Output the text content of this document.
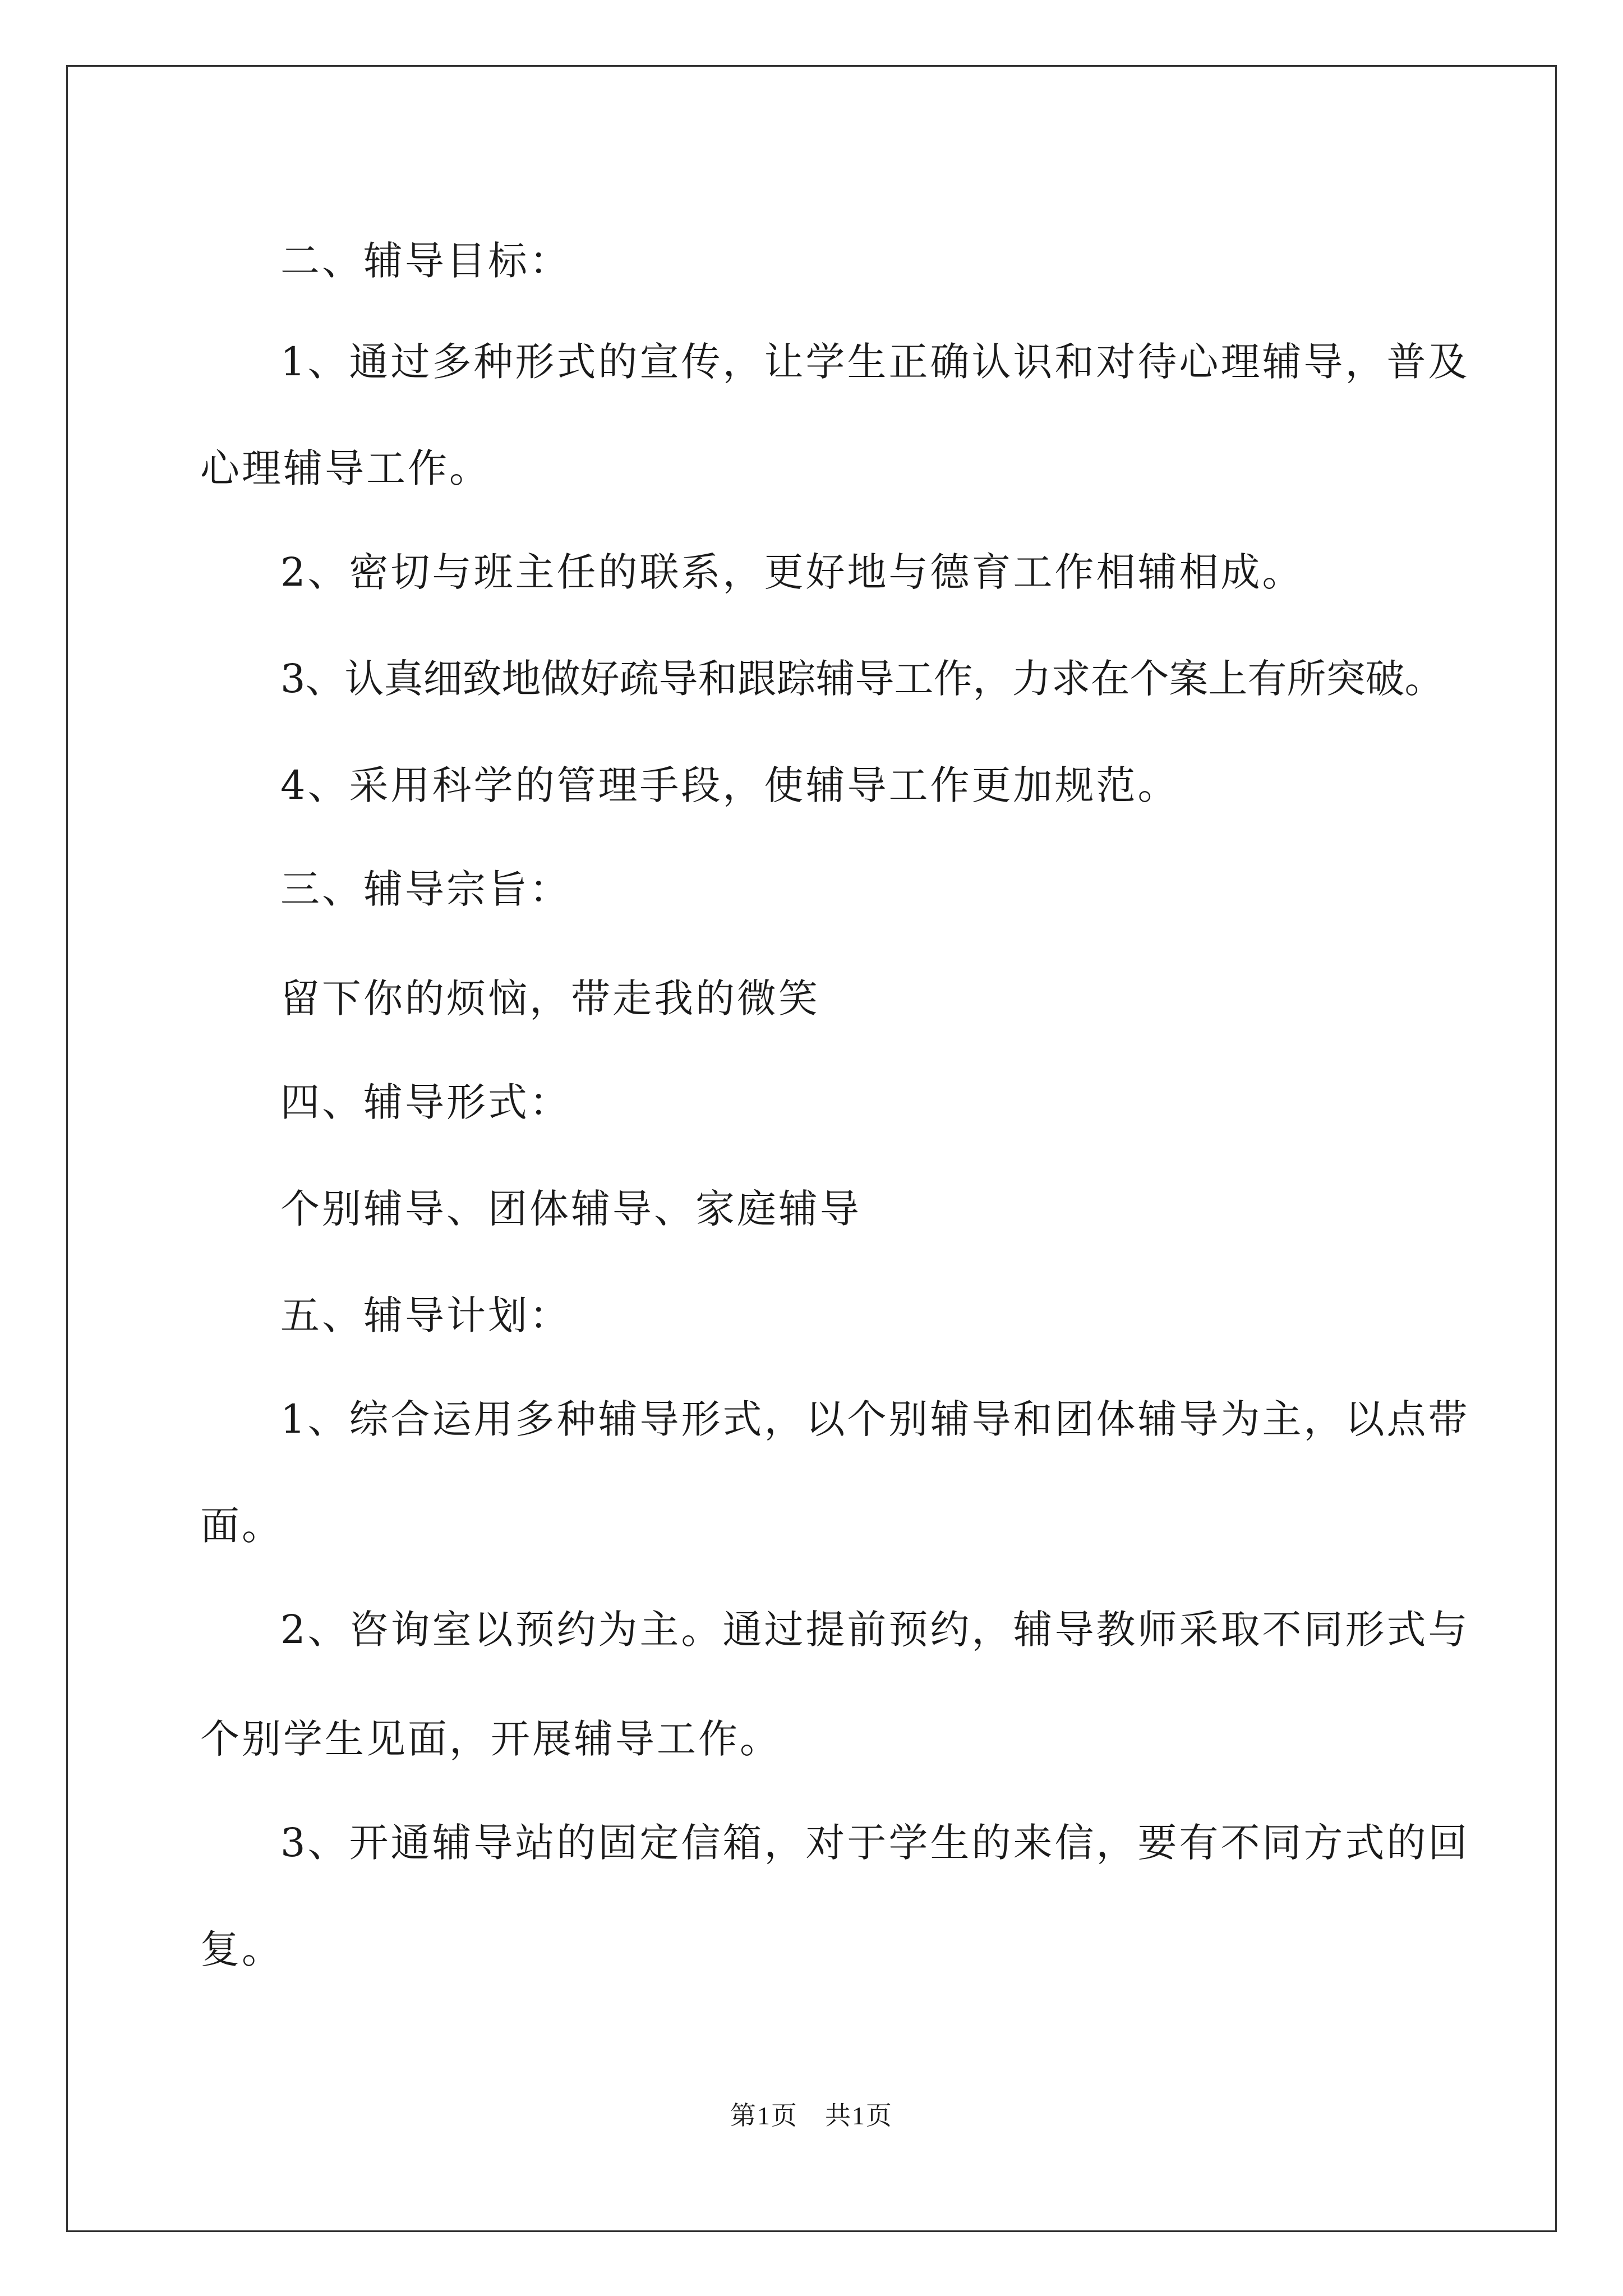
二、辅导目标：
1、通过多种形式的宣传，让学生正确认识和对待心理辅导，普及
心理辅导工作。
2、密切与班主任的联系，更好地与德育工作相辅相成。
3、认真细致地做好疏导和跟踪辅导工作，力求在个案上有所突破。
4、采用科学的管理手段，使辅导工作更加规范。
三、辅导宗旨：
留下你的烦恼，带走我的微笑
四、辅导形式：
个别辅导、团体辅导、家庭辅导
五、辅导计划：
1、综合运用多种辅导形式，以个别辅导和团体辅导为主，以点带
面。
2、咨询室以预约为主。通过提前预约，辅导教师采取不同形式与
个别学生见面，开展辅导工作。
3、开通辅导站的固定信箱，对于学生的来信，要有不同方式的回
复。
第1页　共1页
